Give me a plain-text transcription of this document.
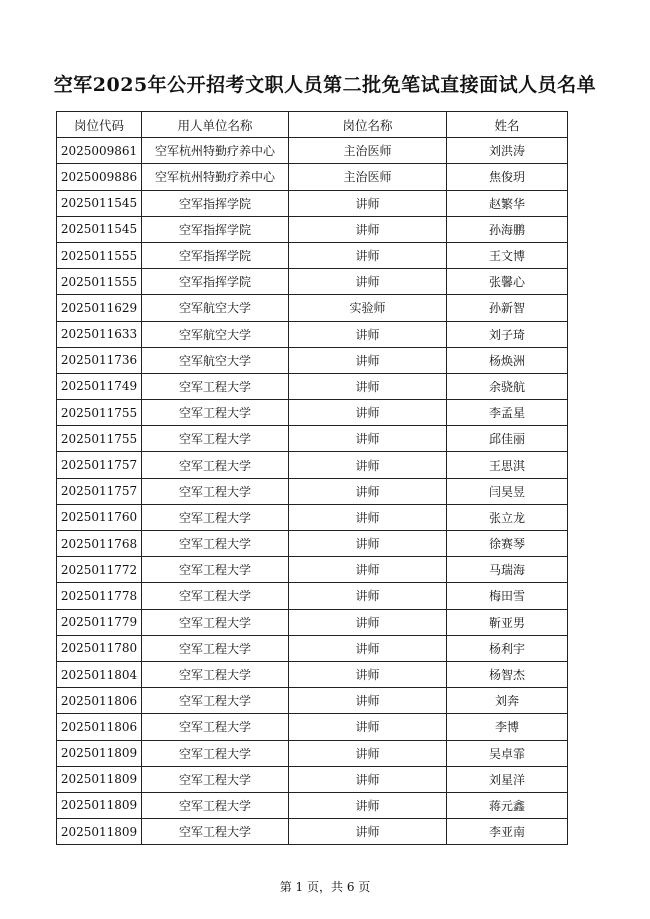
空军2025年公开招考文职人员第二批免笔试直接面试人员名单
岗位代码	用人单位名称	岗位名称	姓名
2025009861	空军杭州特勤疗养中心	主治医师	刘洪涛
2025009886	空军杭州特勤疗养中心	主治医师	焦俊玥
2025011545	空军指挥学院	讲师	赵繁华
2025011545	空军指挥学院	讲师	孙海鹏
2025011555	空军指挥学院	讲师	王文博
2025011555	空军指挥学院	讲师	张馨心
2025011629	空军航空大学	实验师	孙新智
2025011633	空军航空大学	讲师	刘子琦
2025011736	空军航空大学	讲师	杨焕洲
2025011749	空军工程大学	讲师	余骁航
2025011755	空军工程大学	讲师	李孟星
2025011755	空军工程大学	讲师	邱佳丽
2025011757	空军工程大学	讲师	王思淇
2025011757	空军工程大学	讲师	闫昊昱
2025011760	空军工程大学	讲师	张立龙
2025011768	空军工程大学	讲师	徐赛琴
2025011772	空军工程大学	讲师	马瑞海
2025011778	空军工程大学	讲师	梅田雪
2025011779	空军工程大学	讲师	靳亚男
2025011780	空军工程大学	讲师	杨利宇
2025011804	空军工程大学	讲师	杨智杰
2025011806	空军工程大学	讲师	刘奔
2025011806	空军工程大学	讲师	李博
2025011809	空军工程大学	讲师	吴卓霏
2025011809	空军工程大学	讲师	刘星洋
2025011809	空军工程大学	讲师	蒋元鑫
2025011809	空军工程大学	讲师	李亚南
第 1 页，共 6 页
